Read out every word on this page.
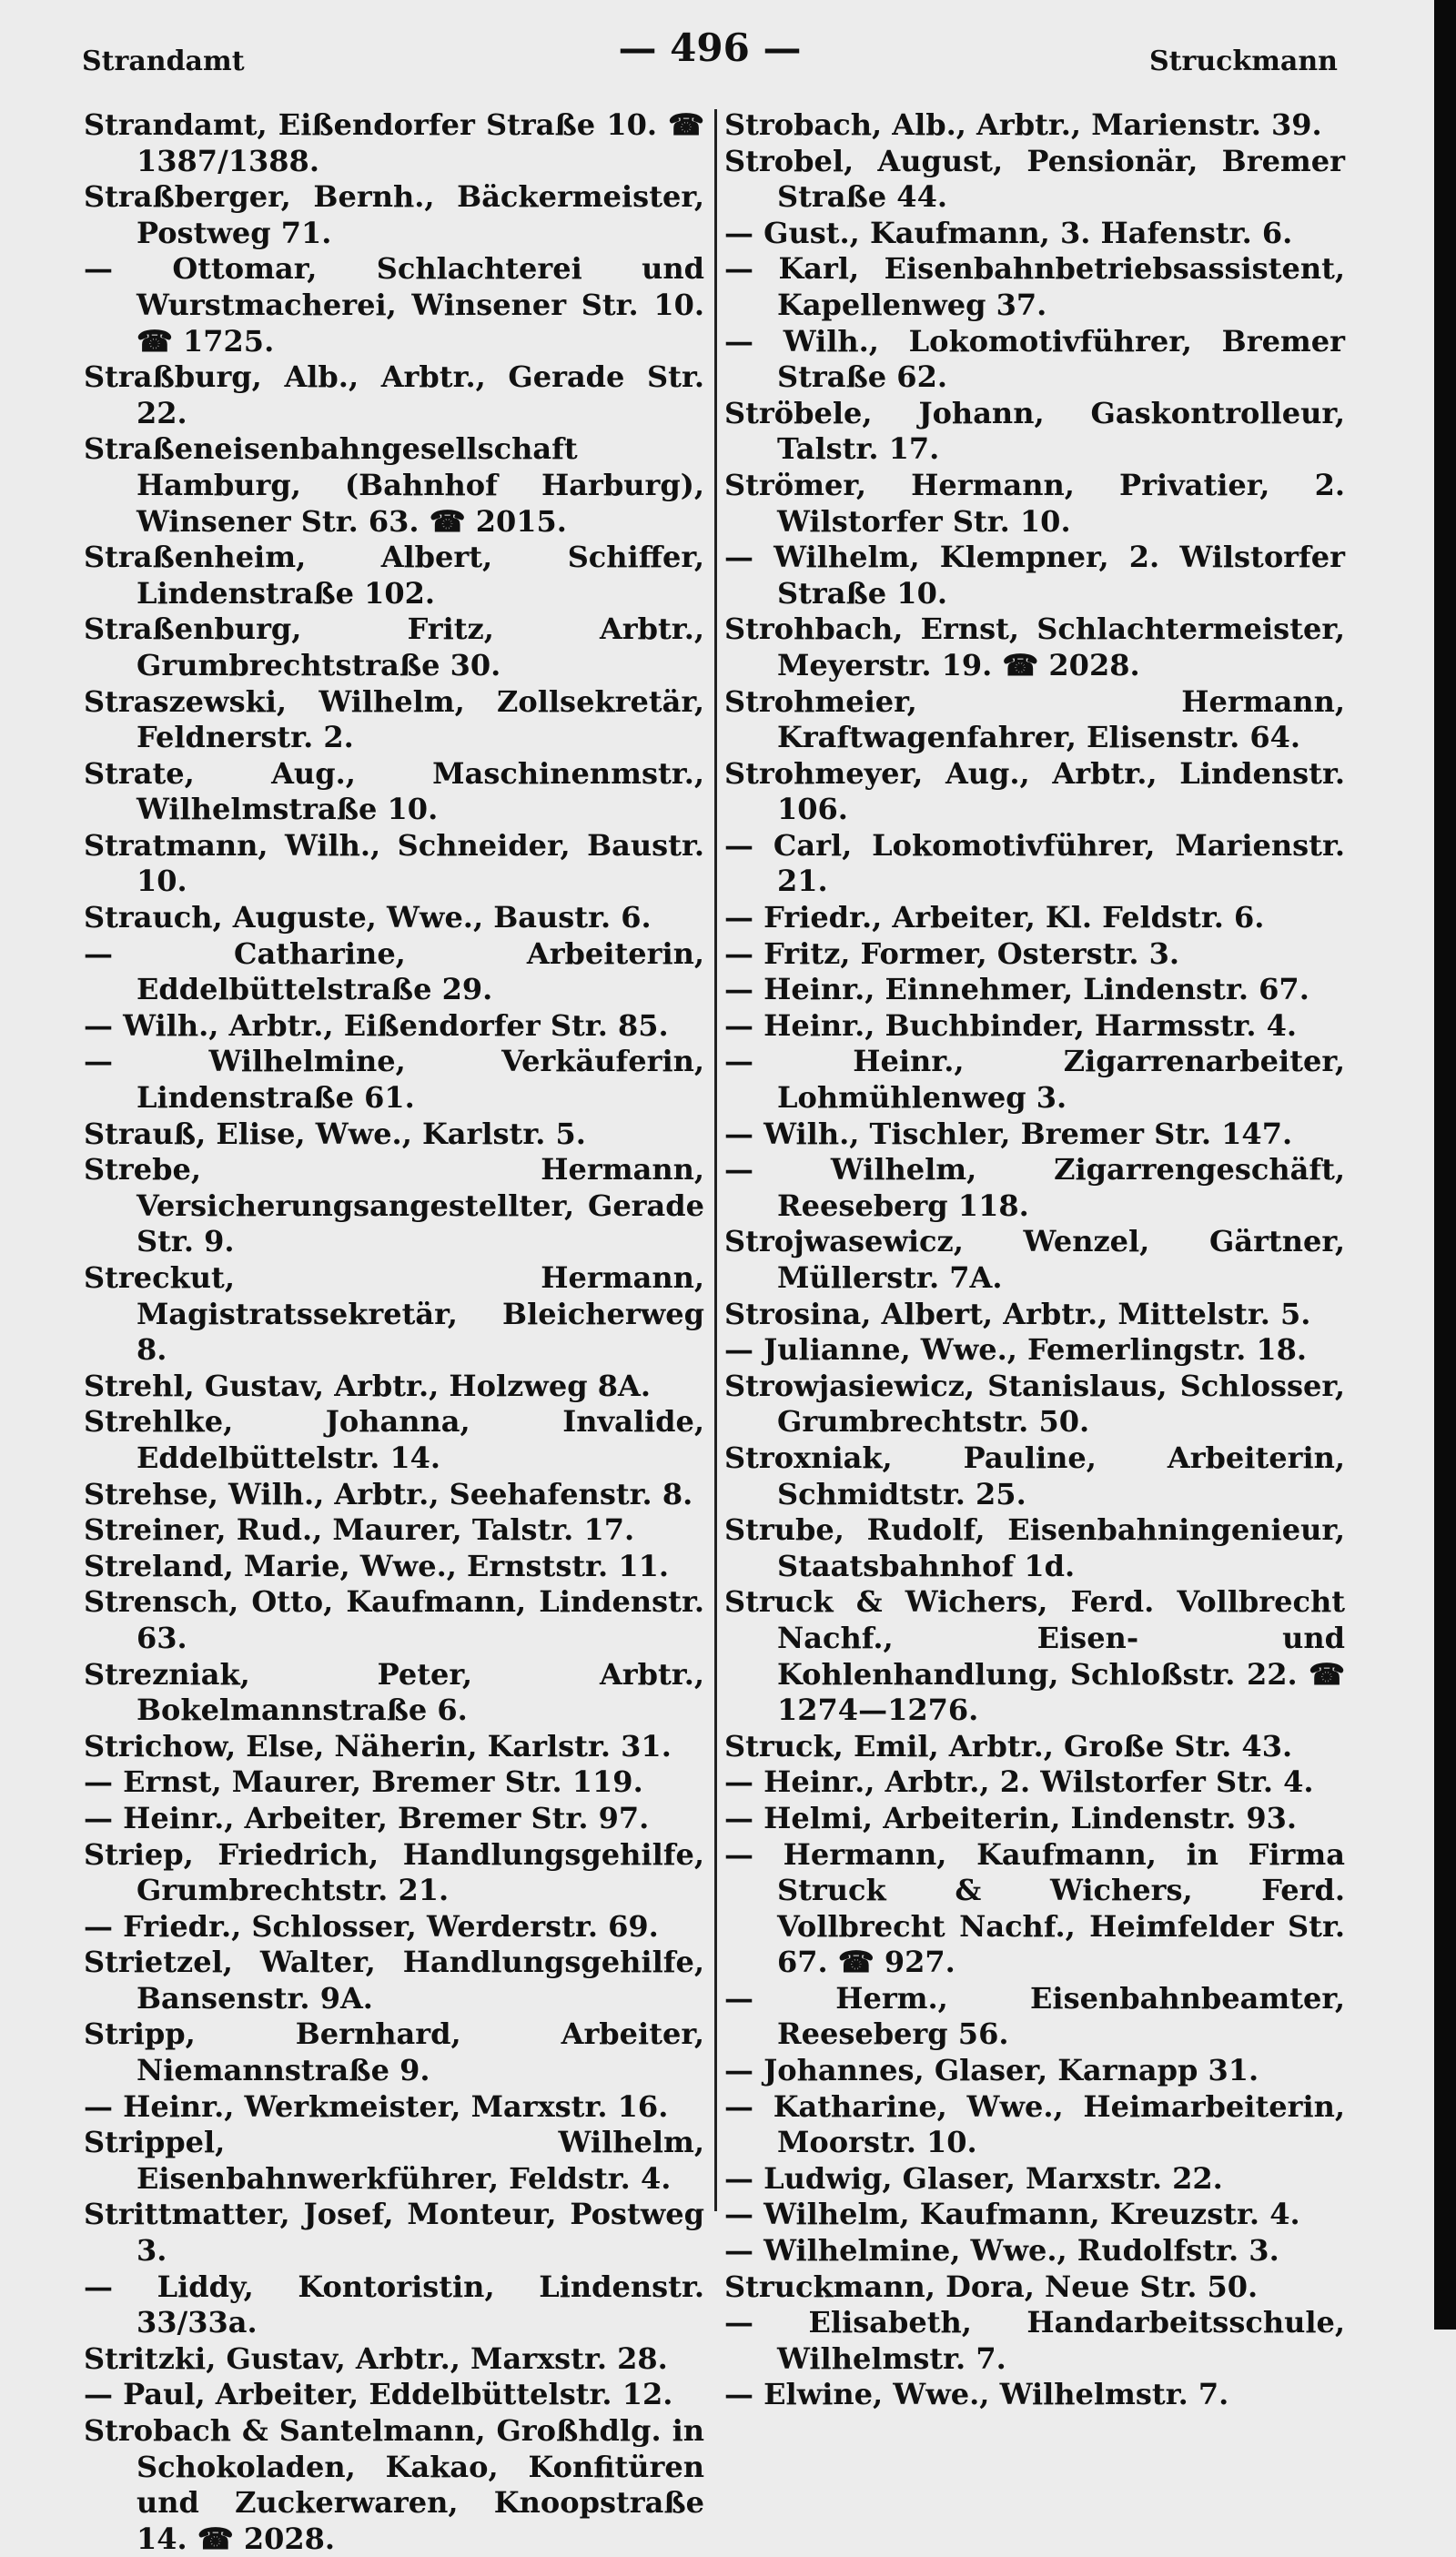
Strandamt	— 496 —	Struckmann

Strandamt, Eißendorfer Straße 10. ☎ 1387/1388.

Straßberger, Bernh., Bäckermeister, Postweg 71.

— Ottomar, Schlachterei und Wurstmacherei, Winsener Str. 10. ☎ 1725.

Straßburg, Alb., Arbtr., Gerade Str. 22.

Straßeneisenbahngesellschaft Hamburg, (Bahnhof Harburg), Winsener Str. 63. ☎ 2015.

Straßenheim, Albert, Schiffer, Lindenstraße 102.

Straßenburg, Fritz, Arbtr., Grumbrechtstraße 30.

Straszewski, Wilhelm, Zollsekretär, Feldnerstr. 2.

Strate, Aug., Maschinenmstr., Wilhelmstraße 10.

Stratmann, Wilh., Schneider, Baustr. 10.

Strauch, Auguste, Wwe., Baustr. 6.

— Catharine, Arbeiterin, Eddelbüttelstraße 29.

— Wilh., Arbtr., Eißendorfer Str. 85.

— Wilhelmine, Verkäuferin, Lindenstraße 61.

Strauß, Elise, Wwe., Karlstr. 5.

Strebe, Hermann, Versicherungsangestellter, Gerade Str. 9.

Streckut, Hermann, Magistratssekretär, Bleicherweg 8.

Strehl, Gustav, Arbtr., Holzweg 8A.

Strehlke, Johanna, Invalide, Eddelbüttelstr. 14.

Strehse, Wilh., Arbtr., Seehafenstr. 8.

Streiner, Rud., Maurer, Talstr. 17.

Streland, Marie, Wwe., Ernststr. 11.

Strensch, Otto, Kaufmann, Lindenstr. 63.

Strezniak, Peter, Arbtr., Bokelmannstraße 6.

Strichow, Else, Näherin, Karlstr. 31.

— Ernst, Maurer, Bremer Str. 119.

— Heinr., Arbeiter, Bremer Str. 97.

Striep, Friedrich, Handlungsgehilfe, Grumbrechtstr. 21.

— Friedr., Schlosser, Werderstr. 69.

Strietzel, Walter, Handlungsgehilfe, Bansenstr. 9A.

Stripp, Bernhard, Arbeiter, Niemannstraße 9.

— Heinr., Werkmeister, Marxstr. 16.

Strippel, Wilhelm, Eisenbahnwerkführer, Feldstr. 4.

Strittmatter, Josef, Monteur, Postweg 3.

— Liddy, Kontoristin, Lindenstr. 33/33a.

Stritzki, Gustav, Arbtr., Marxstr. 28.

— Paul, Arbeiter, Eddelbüttelstr. 12.

Strobach & Santelmann, Großhdlg. in Schokoladen, Kakao, Konfitüren und Zuckerwaren, Knoopstraße 14. ☎ 2028.

Strobach, Alb., Arbtr., Marienstr. 39.

Strobel, August, Pensionär, Bremer Straße 44.

— Gust., Kaufmann, 3. Hafenstr. 6.

— Karl, Eisenbahnbetriebsassistent, Kapellenweg 37.

— Wilh., Lokomotivführer, Bremer Straße 62.

Ströbele, Johann, Gaskontrolleur, Talstr. 17.

Strömer, Hermann, Privatier, 2. Wilstorfer Str. 10.

— Wilhelm, Klempner, 2. Wilstorfer Straße 10.

Strohbach, Ernst, Schlachtermeister, Meyerstr. 19. ☎ 2028.

Strohmeier, Hermann, Kraftwagenfahrer, Elisenstr. 64.

Strohmeyer, Aug., Arbtr., Lindenstr. 106.

— Carl, Lokomotivführer, Marienstr. 21.

— Friedr., Arbeiter, Kl. Feldstr. 6.

— Fritz, Former, Osterstr. 3.

— Heinr., Einnehmer, Lindenstr. 67.

— Heinr., Buchbinder, Harmsstr. 4.

— Heinr., Zigarrenarbeiter, Lohmühlenweg 3.

— Wilh., Tischler, Bremer Str. 147.

— Wilhelm, Zigarrengeschäft, Reeseberg 118.

Strojwasewicz, Wenzel, Gärtner, Müllerstr. 7A.

Strosina, Albert, Arbtr., Mittelstr. 5.

— Julianne, Wwe., Femerlingstr. 18.

Strowjasiewicz, Stanislaus, Schlosser, Grumbrechtstr. 50.

Stroxniak, Pauline, Arbeiterin, Schmidtstr. 25.

Strube, Rudolf, Eisenbahningenieur, Staatsbahnhof 1d.

Struck & Wichers, Ferd. Vollbrecht Nachf., Eisen- und Kohlenhandlung, Schloßstr. 22. ☎ 1274—1276.

Struck, Emil, Arbtr., Große Str. 43.

— Heinr., Arbtr., 2. Wilstorfer Str. 4.

— Helmi, Arbeiterin, Lindenstr. 93.

— Hermann, Kaufmann, in Firma Struck & Wichers, Ferd. Vollbrecht Nachf., Heimfelder Str. 67. ☎ 927.

— Herm., Eisenbahnbeamter, Reeseberg 56.

— Johannes, Glaser, Karnapp 31.

— Katharine, Wwe., Heimarbeiterin, Moorstr. 10.

— Ludwig, Glaser, Marxstr. 22.

— Wilhelm, Kaufmann, Kreuzstr. 4.

— Wilhelmine, Wwe., Rudolfstr. 3.

Struckmann, Dora, Neue Str. 50.

— Elisabeth, Handarbeitsschule, Wilhelmstr. 7.

— Elwine, Wwe., Wilhelmstr. 7.
